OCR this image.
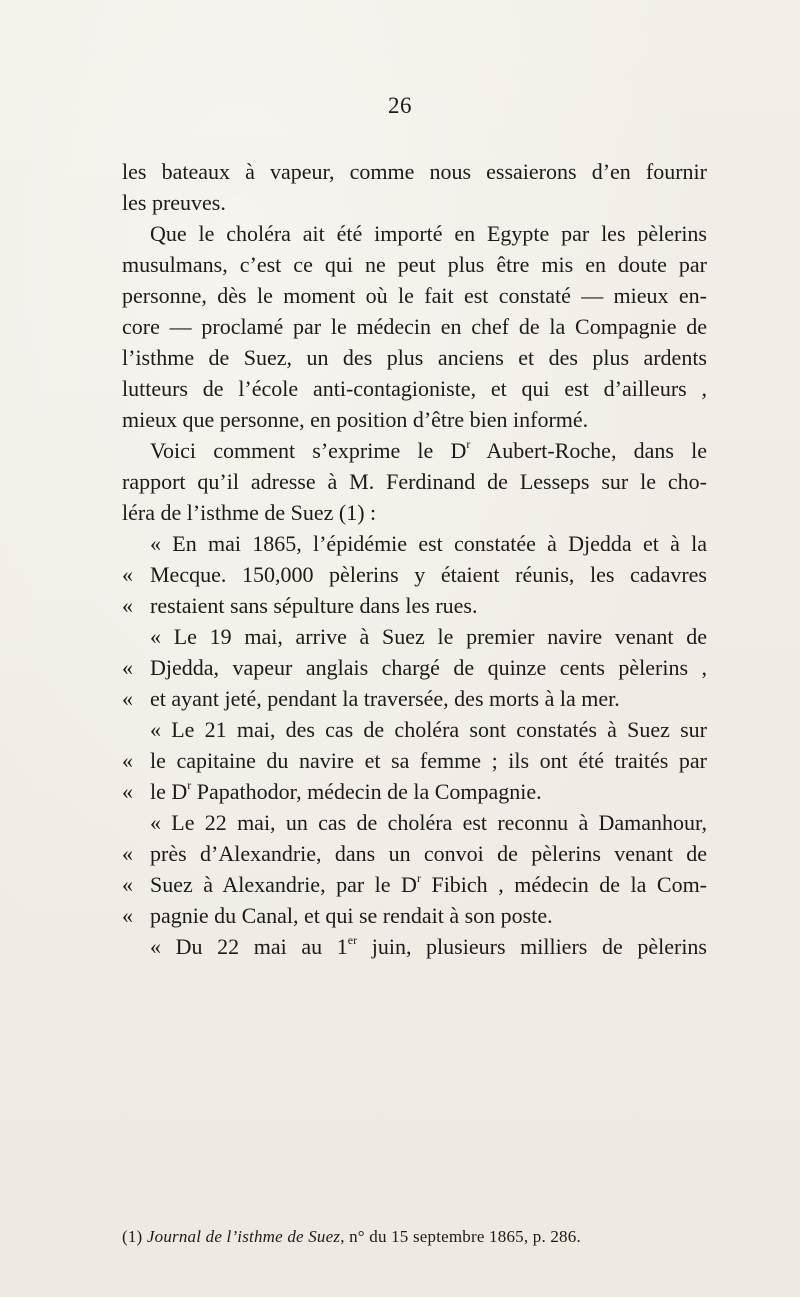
26
les bateaux à vapeur, comme nous essaierons d’en fournir
les preuves.
Que le choléra ait été importé en Egypte par les pèlerins
musulmans, c’est ce qui ne peut plus être mis en doute par
personne, dès le moment où le fait est constaté — mieux en-
core — proclamé par le médecin en chef de la Compagnie de
l’isthme de Suez, un des plus anciens et des plus ardents
lutteurs de l’école anti-contagioniste, et qui est d’ailleurs ,
mieux que personne, en position d’être bien informé.
Voici comment s’exprime le $D^r$ Aubert-Roche, dans le
rapport qu’il adresse à M. Ferdinand de Lesseps sur le cho-
léra de l’isthme de Suez (1) :
« En mai 1865, l’épidémie est constatée à Djedda et à la
« Mecque. 150,000 pèlerins y étaient réunis, les cadavres
« restaient sans sépulture dans les rues.
« Le 19 mai, arrive à Suez le premier navire venant de
« Djedda, vapeur anglais chargé de quinze cents pèlerins ,
« et ayant jeté, pendant la traversée, des morts à la mer.
« Le 21 mai, des cas de choléra sont constatés à Suez sur
« le capitaine du navire et sa femme ; ils ont été traités par
« le $D^r$ Papathodor, médecin de la Compagnie.
« Le 22 mai, un cas de choléra est reconnu à Damanhour,
« près d’Alexandrie, dans un convoi de pèlerins venant de
« Suez à Alexandrie, par le $D^r$ Fibich , médecin de la Com-
« pagnie du Canal, et qui se rendait à son poste.
« Du 22 mai au 1er juin, plusieurs milliers de pèlerins
(1) Journal de l’isthme de Suez, n° du 15 septembre 1865, p. 286.
